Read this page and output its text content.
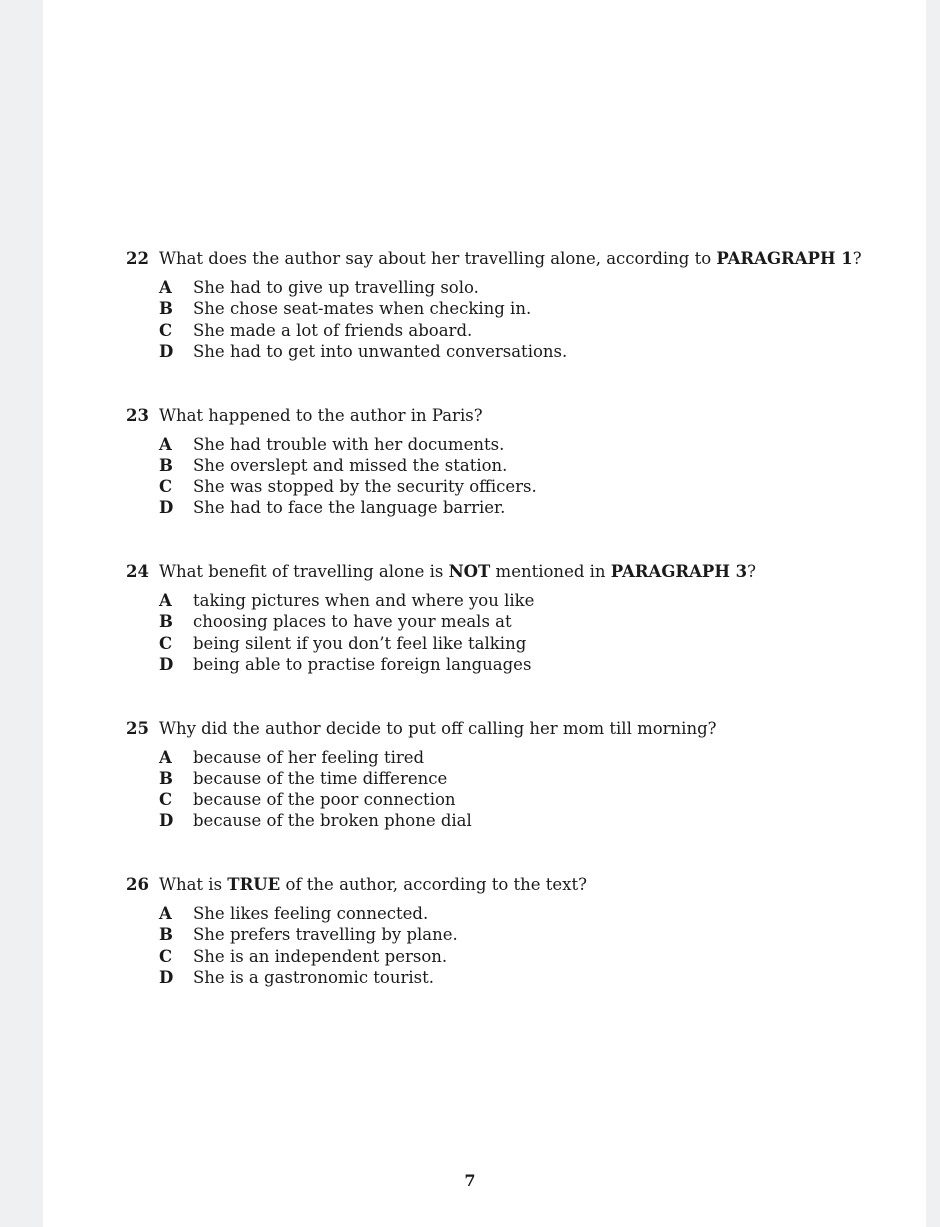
22 What does the author say about her travelling alone, according to PARAGRAPH 1?
A	She had to give up travelling solo.
B	She chose seat-mates when checking in.
C	She made a lot of friends aboard.
D	She had to get into unwanted conversations.
23 What happened to the author in Paris?
A	She had trouble with her documents.
B	She overslept and missed the station.
C	She was stopped by the security officers.
D	She had to face the language barrier.
24 What benefit of travelling alone is NOT mentioned in PARAGRAPH 3?
A	taking pictures when and where you like
B	choosing places to have your meals at
C	being silent if you don’t feel like talking
D	being able to practise foreign languages
25 Why did the author decide to put off calling her mom till morning?
A	because of her feeling tired
B	because of the time difference
C	because of the poor connection
D	because of the broken phone dial
26 What is TRUE of the author, according to the text?
A	She likes feeling connected.
B	She prefers travelling by plane.
C	She is an independent person.
D	She is a gastronomic tourist.
7
